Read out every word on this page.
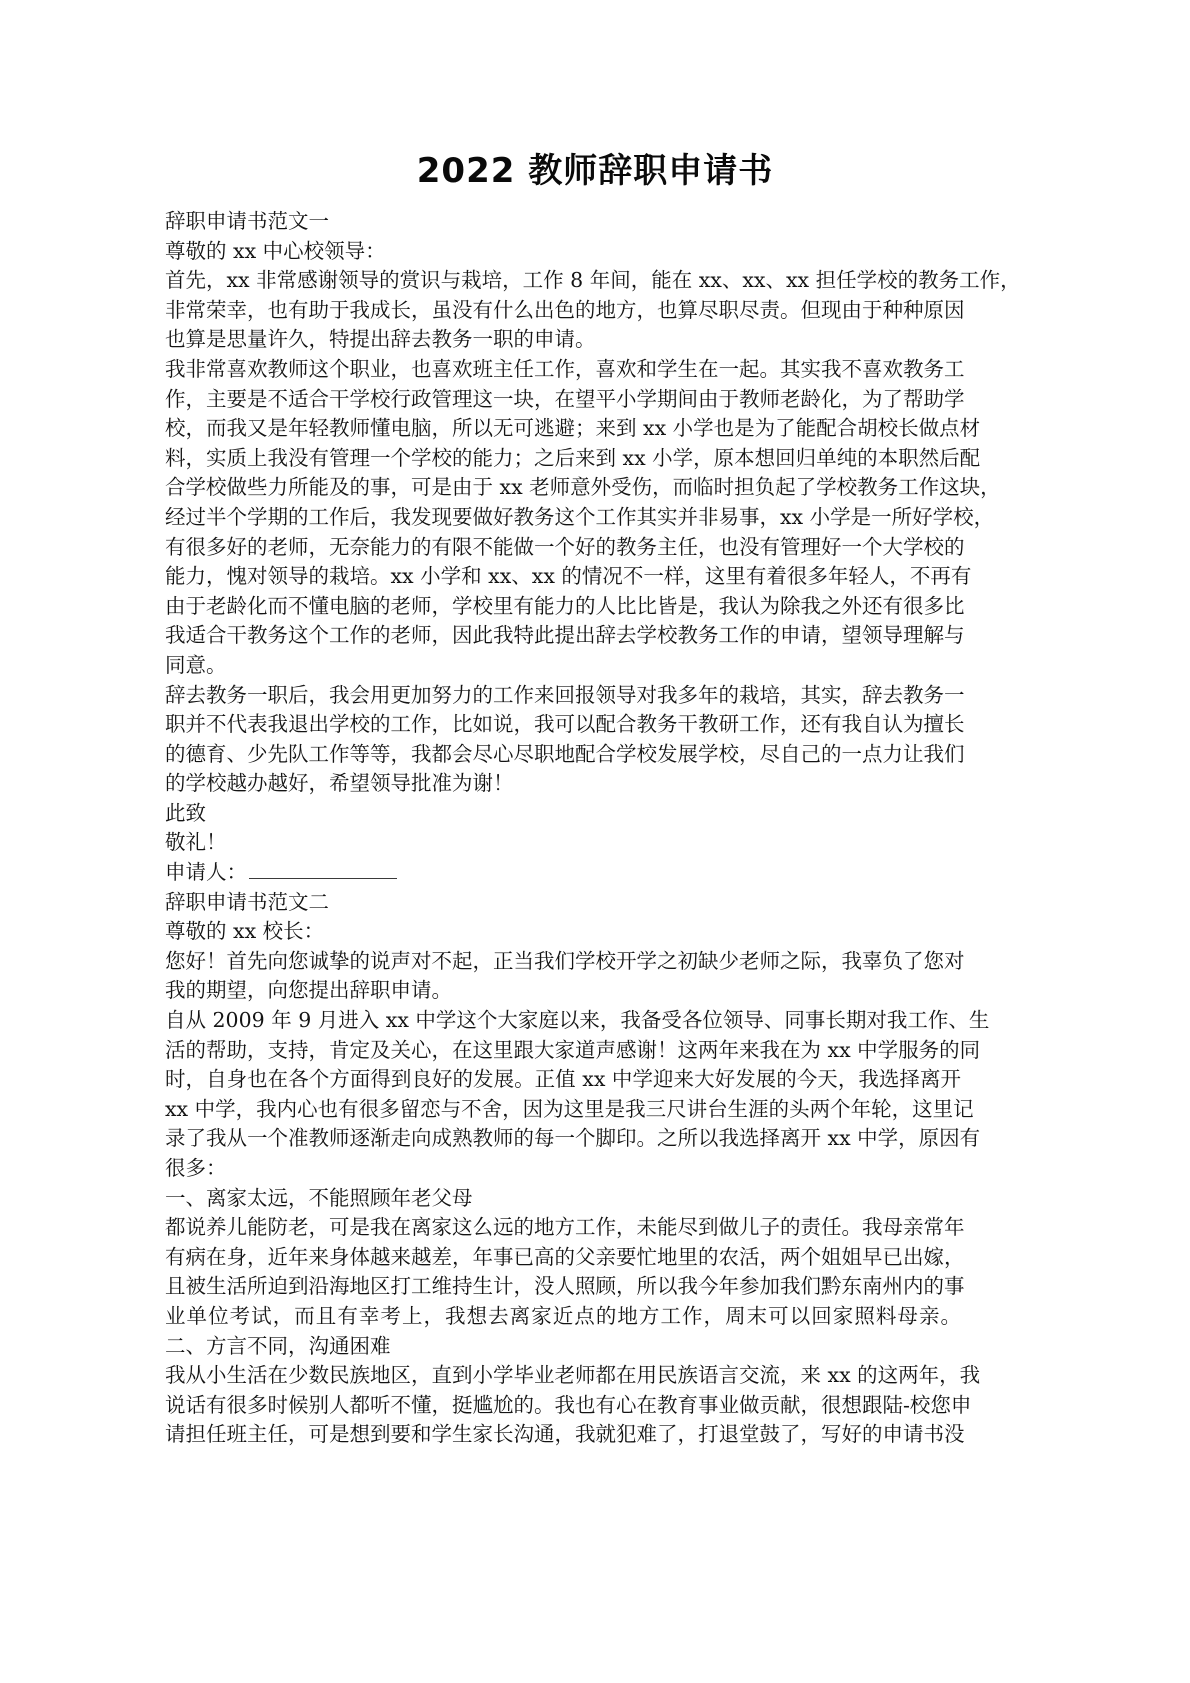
2022 教师辞职申请书
辞职申请书范文一
尊敬的 xx 中心校领导：
首先，xx 非常感谢领导的赏识与栽培，工作 8 年间，能在 xx、xx、xx 担任学校的教务工作，
非常荣幸，也有助于我成长，虽没有什么出色的地方，也算尽职尽责。但现由于种种原因
也算是思量许久，特提出辞去教务一职的申请。
我非常喜欢教师这个职业，也喜欢班主任工作，喜欢和学生在一起。其实我不喜欢教务工
作，主要是不适合干学校行政管理这一块，在望平小学期间由于教师老龄化，为了帮助学
校，而我又是年轻教师懂电脑，所以无可逃避；来到 xx 小学也是为了能配合胡校长做点材
料，实质上我没有管理一个学校的能力；之后来到 xx 小学，原本想回归单纯的本职然后配
合学校做些力所能及的事，可是由于 xx 老师意外受伤，而临时担负起了学校教务工作这块，
经过半个学期的工作后，我发现要做好教务这个工作其实并非易事，xx 小学是一所好学校，
有很多好的老师，无奈能力的有限不能做一个好的教务主任，也没有管理好一个大学校的
能力，愧对领导的栽培。xx 小学和 xx、xx 的情况不一样，这里有着很多年轻人，不再有
由于老龄化而不懂电脑的老师，学校里有能力的人比比皆是，我认为除我之外还有很多比
我适合干教务这个工作的老师，因此我特此提出辞去学校教务工作的申请，望领导理解与
同意。
辞去教务一职后，我会用更加努力的工作来回报领导对我多年的栽培，其实，辞去教务一
职并不代表我退出学校的工作，比如说，我可以配合教务干教研工作，还有我自认为擅长
的德育、少先队工作等等，我都会尽心尽职地配合学校发展学校，尽自己的一点力让我们
的学校越办越好，希望领导批准为谢！
此致
敬礼！
申请人：
辞职申请书范文二
尊敬的 xx 校长：
您好！首先向您诚挚的说声对不起，正当我们学校开学之初缺少老师之际，我辜负了您对
我的期望，向您提出辞职申请。
自从 2009 年 9 月进入 xx 中学这个大家庭以来，我备受各位领导、同事长期对我工作、生
活的帮助，支持，肯定及关心，在这里跟大家道声感谢！这两年来我在为 xx 中学服务的同
时，自身也在各个方面得到良好的发展。正值 xx 中学迎来大好发展的今天，我选择离开
xx 中学，我内心也有很多留恋与不舍，因为这里是我三尺讲台生涯的头两个年轮，这里记
录了我从一个准教师逐渐走向成熟教师的每一个脚印。之所以我选择离开 xx 中学，原因有
很多：
一、离家太远，不能照顾年老父母
都说养儿能防老，可是我在离家这么远的地方工作，未能尽到做儿子的责任。我母亲常年
有病在身，近年来身体越来越差，年事已高的父亲要忙地里的农活，两个姐姐早已出嫁，
且被生活所迫到沿海地区打工维持生计，没人照顾，所以我今年参加我们黔东南州内的事
业单位考试，而且有幸考上，我想去离家近点的地方工作，周末可以回家照料母亲。
二、方言不同，沟通困难
我从小生活在少数民族地区，直到小学毕业老师都在用民族语言交流，来 xx 的这两年，我
说话有很多时候别人都听不懂，挺尴尬的。我也有心在教育事业做贡献，很想跟陆-校您申
请担任班主任，可是想到要和学生家长沟通，我就犯难了，打退堂鼓了，写好的申请书没
